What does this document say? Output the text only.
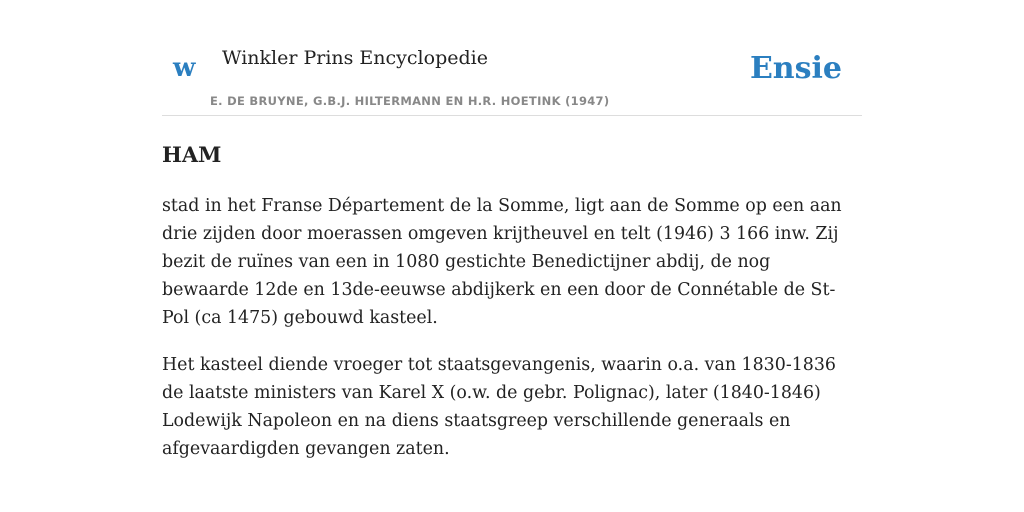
w Winkler Prins Encyclopedie	Ensie
E. DE BRUYNE, G.B.J. HILTERMANN EN H.R. HOETINK (1947)
HAM

stad in het Franse Département de la Somme, ligt aan de Somme op een aan drie zijden door moerassen omgeven krijtheuvel en telt (1946) 3 166 inw. Zij bezit de ruïnes van een in 1080 gestichte Benedictijner abdij, de nog bewaarde 12de en 13de-eeuwse abdijkerk en een door de Connétable de St-Pol (ca 1475) gebouwd kasteel.

Het kasteel diende vroeger tot staatsgevangenis, waarin o.a. van 1830-1836 de laatste ministers van Karel X (o.w. de gebr. Polignac), later (1840-1846) Lodewijk Napoleon en na diens staatsgreep verschillende generaals en afgevaardigden gevangen zaten.
